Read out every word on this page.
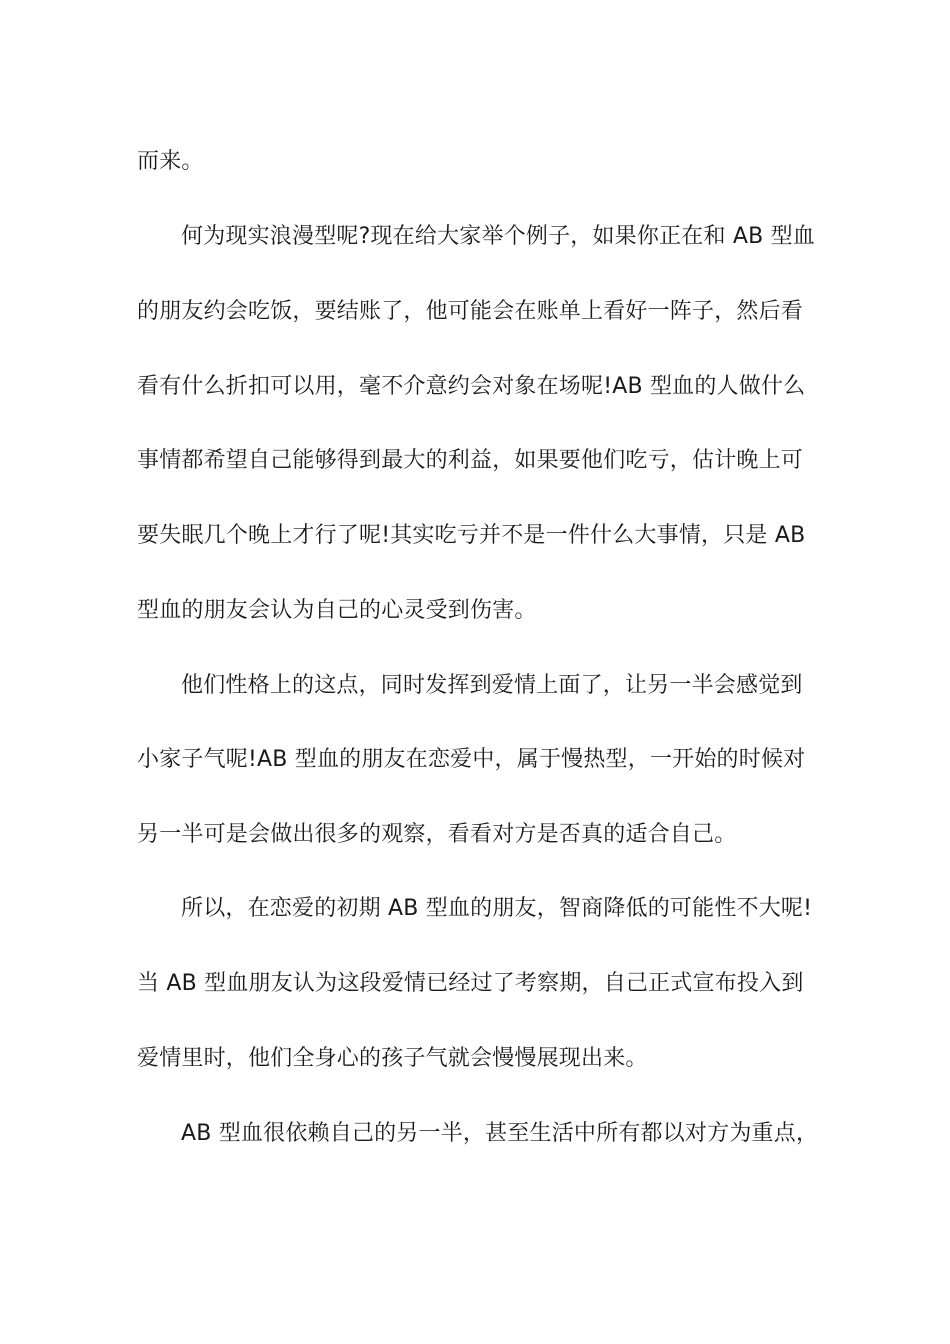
而来。
何为现实浪漫型呢?现在给大家举个例子，如果你正在和 AB 型血
的朋友约会吃饭，要结账了，他可能会在账单上看好一阵子，然后看
看有什么折扣可以用，毫不介意约会对象在场呢!AB 型血的人做什么
事情都希望自己能够得到最大的利益，如果要他们吃亏，估计晚上可
要失眠几个晚上才行了呢!其实吃亏并不是一件什么大事情，只是 AB
型血的朋友会认为自己的心灵受到伤害。
他们性格上的这点，同时发挥到爱情上面了，让另一半会感觉到
小家子气呢!AB 型血的朋友在恋爱中，属于慢热型，一开始的时候对
另一半可是会做出很多的观察，看看对方是否真的适合自己。
所以，在恋爱的初期 AB 型血的朋友，智商降低的可能性不大呢!
当 AB 型血朋友认为这段爱情已经过了考察期，自己正式宣布投入到
爱情里时，他们全身心的孩子气就会慢慢展现出来。
AB 型血很依赖自己的另一半，甚至生活中所有都以对方为重点，
